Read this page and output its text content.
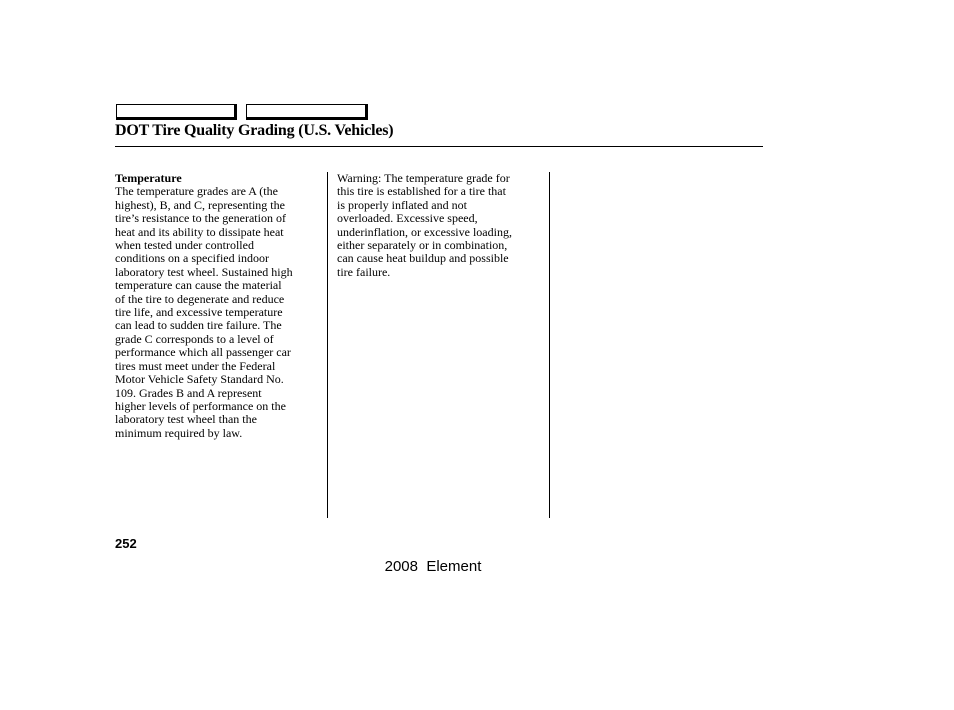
DOT Tire Quality Grading (U.S. Vehicles)
Temperature

The temperature grades are A (the
highest), B, and C, representing the
tire’s resistance to the generation of
heat and its ability to dissipate heat
when tested under controlled
conditions on a specified indoor
laboratory test wheel. Sustained high
temperature can cause the material
of the tire to degenerate and reduce
tire life, and excessive temperature
can lead to sudden tire failure. The
grade C corresponds to a level of
performance which all passenger car
tires must meet under the Federal
Motor Vehicle Safety Standard No.
109. Grades B and A represent
higher levels of performance on the
laboratory test wheel than the
minimum required by law.

Warning: The temperature grade for
this tire is established for a tire that
is properly inflated and not
overloaded. Excessive speed,
underinflation, or excessive loading,
either separately or in combination,
can cause heat buildup and possible
tire failure.

252
2008  Element
